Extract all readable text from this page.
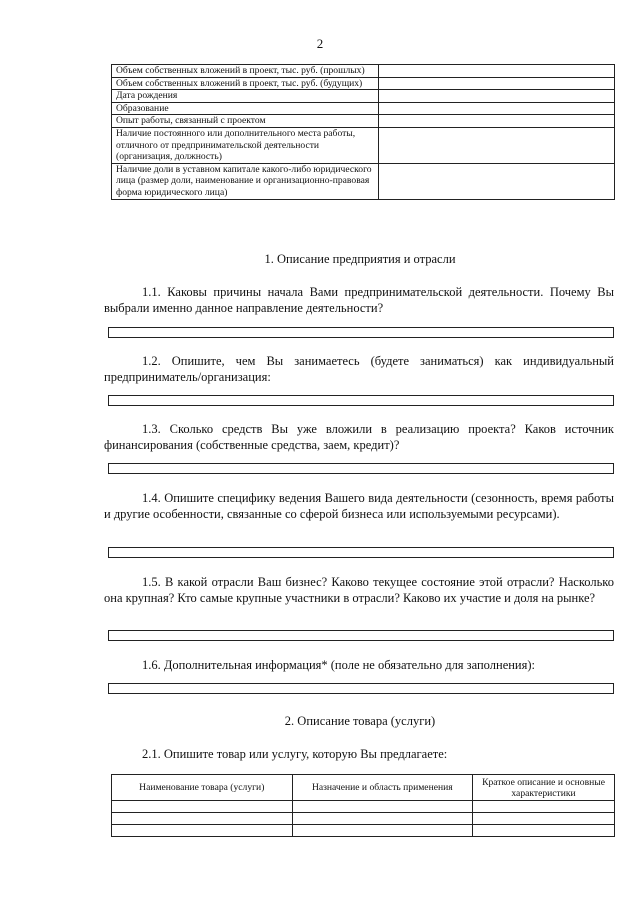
2
Объем собственных вложений в проект, тыс. руб. (прошлых)	
Объем собственных вложений в проект, тыс. руб. (будущих)	
Дата рождения	
Образование	
Опыт работы, связанный с проектом	
Наличие постоянного или дополнительного места работы, отличного от предпринимательской деятельности (организация, должность)	
Наличие доли в уставном капитале какого-либо юридического лица (размер доли, наименование и организационно-правовая форма юридического лица)	
1. Описание предприятия и отрасли
1.1. Каковы причины начала Вами предпринимательской деятельности. Почему Вы выбрали именно данное направление деятельности?
1.2. Опишите, чем Вы занимаетесь (будете заниматься) как индивидуальный предприниматель/организация:
1.3. Сколько средств Вы уже вложили в реализацию проекта? Каков источник финансирования (собственные средства, заем, кредит)?
1.4. Опишите специфику ведения Вашего вида деятельности (сезонность, время работы и другие особенности, связанные со сферой бизнеса или используемыми ресурсами).
1.5. В какой отрасли Ваш бизнес? Каково текущее состояние этой отрасли? Насколько она крупная? Кто самые крупные участники в отрасли? Каково их участие и доля на рынке?
1.6. Дополнительная информация* (поле не обязательно для заполнения):
2. Описание товара (услуги)
2.1. Опишите товар или услугу, которую Вы предлагаете:
Наименование товара (услуги)	Назначение и область применения	Краткое описание и основные характеристики
